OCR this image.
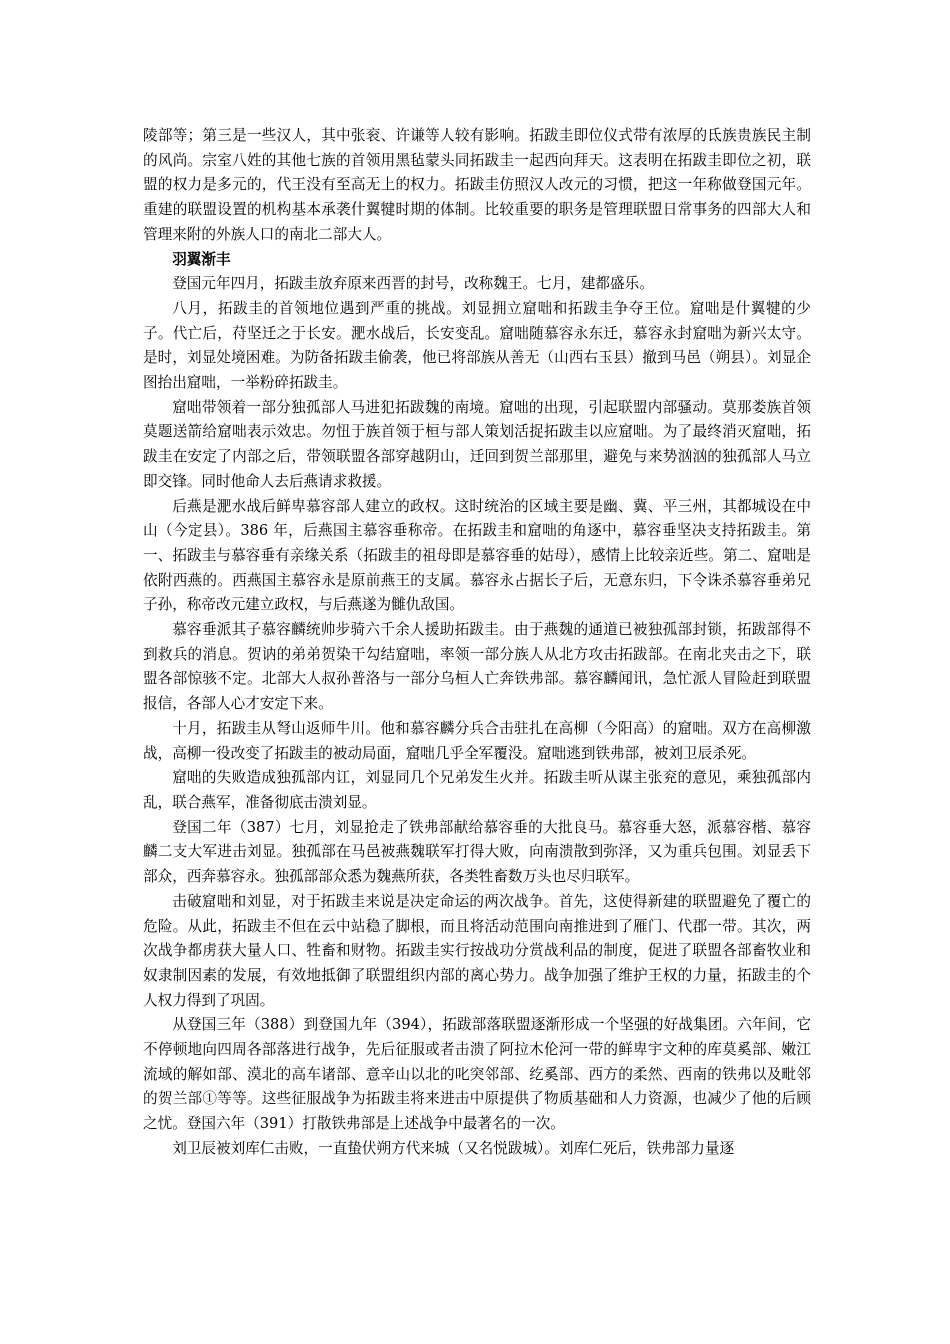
陵部等；第三是一些汉人，其中张衮、许谦等人较有影响。拓跋圭即位仪式带有浓厚的氐族贵族民主制的风尚。宗室八姓的其他七族的首领用黑毡蒙头同拓跋圭一起西向拜天。这表明在拓跋圭即位之初，联盟的权力是多元的，代王没有至高无上的权力。拓跋圭仿照汉人改元的习惯，把这一年称做登国元年。重建的联盟设置的机构基本承袭什翼犍时期的体制。比较重要的职务是管理联盟日常事务的四部大人和管理来附的外族人口的南北二部大人。

羽翼渐丰

登国元年四月，拓跋圭放弃原来西晋的封号，改称魏王。七月，建都盛乐。

八月，拓跋圭的首领地位遇到严重的挑战。刘显拥立窟咄和拓跋圭争夺王位。窟咄是什翼犍的少子。代亡后，苻坚迁之于长安。淝水战后，长安变乱。窟咄随慕容永东迁，慕容永封窟咄为新兴太守。是时，刘显处境困难。为防备拓跋圭偷袭，他已将部族从善无（山西右玉县）撤到马邑（朔县）。刘显企图抬出窟咄，一举粉碎拓跋圭。

窟咄带领着一部分独孤部人马进犯拓跋魏的南境。窟咄的出现，引起联盟内部骚动。莫那娄族首领莫题送箭给窟咄表示效忠。勿忸于族首领于桓与部人策划活捉拓跋圭以应窟咄。为了最终消灭窟咄，拓跋圭在安定了内部之后，带领联盟各部穿越阴山，迁回到贺兰部那里，避免与来势汹汹的独孤部人马立即交锋。同时他命人去后燕请求救援。

后燕是淝水战后鲜卑慕容部人建立的政权。这时统治的区域主要是幽、冀、平三州，其都城设在中山（今定县）。386 年，后燕国主慕容垂称帝。在拓跋圭和窟咄的角逐中，慕容垂坚决支持拓跋圭。第一、拓跋圭与慕容垂有亲缘关系（拓跋圭的祖母即是慕容垂的姑母），感情上比较亲近些。第二、窟咄是依附西燕的。西燕国主慕容永是原前燕王的支属。慕容永占据长子后，无意东归，下令诛杀慕容垂弟兄子孙，称帝改元建立政权，与后燕遂为雠仇敌国。

慕容垂派其子慕容麟统帅步骑六千余人援助拓跋圭。由于燕魏的通道已被独孤部封锁，拓跋部得不到救兵的消息。贺讷的弟弟贺染干勾结窟咄，率领一部分族人从北方攻击拓跋部。在南北夹击之下，联盟各部惊骇不定。北部大人叔孙普洛与一部分乌桓人亡奔铁弗部。慕容麟闻讯，急忙派人冒险赶到联盟报信，各部人心才安定下来。

十月，拓跋圭从弩山返师牛川。他和慕容麟分兵合击驻扎在高柳（今阳高）的窟咄。双方在高柳激战，高柳一役改变了拓跋圭的被动局面，窟咄几乎全军覆没。窟咄逃到铁弗部，被刘卫辰杀死。

窟咄的失败造成独孤部内讧，刘显同几个兄弟发生火并。拓跋圭听从谋主张兖的意见，乘独孤部内乱，联合燕军，准备彻底击溃刘显。

登国二年（387）七月，刘显抢走了铁弗部献给慕容垂的大批良马。慕容垂大怒，派慕容楷、慕容麟二支大军进击刘显。独孤部在马邑被燕魏联军打得大败，向南溃散到弥泽，又为重兵包围。刘显丢下部众，西奔慕容永。独孤部部众悉为魏燕所获，各类牲畜数万头也尽归联军。

击破窟咄和刘显，对于拓跋圭来说是决定命运的两次战争。首先，这使得新建的联盟避免了覆亡的危险。从此，拓跋圭不但在云中站稳了脚根，而且将活动范围向南推进到了雁门、代郡一带。其次，两次战争都虏获大量人口、牲畜和财物。拓跋圭实行按战功分赏战利品的制度，促进了联盟各部畜牧业和奴隶制因素的发展，有效地抵御了联盟组织内部的离心势力。战争加强了维护王权的力量，拓跋圭的个人权力得到了巩固。

从登国三年（388）到登国九年（394），拓跋部落联盟逐渐形成一个坚强的好战集团。六年间，它不停顿地向四周各部落进行战争，先后征服或者击溃了阿拉木伦河一带的鲜卑宇文种的库莫奚部、嫩江流域的解如部、漠北的高车诸部、意辛山以北的叱突邻部、纥奚部、西方的柔然、西南的铁弗以及毗邻的贺兰部①等等。这些征服战争为拓跋圭将来进击中原提供了物质基础和人力资源，也减少了他的后顾之忧。登国六年（391）打散铁弗部是上述战争中最著名的一次。

刘卫辰被刘库仁击败，一直蛰伏朔方代来城（又名悦跋城）。刘库仁死后，铁弗部力量逐
